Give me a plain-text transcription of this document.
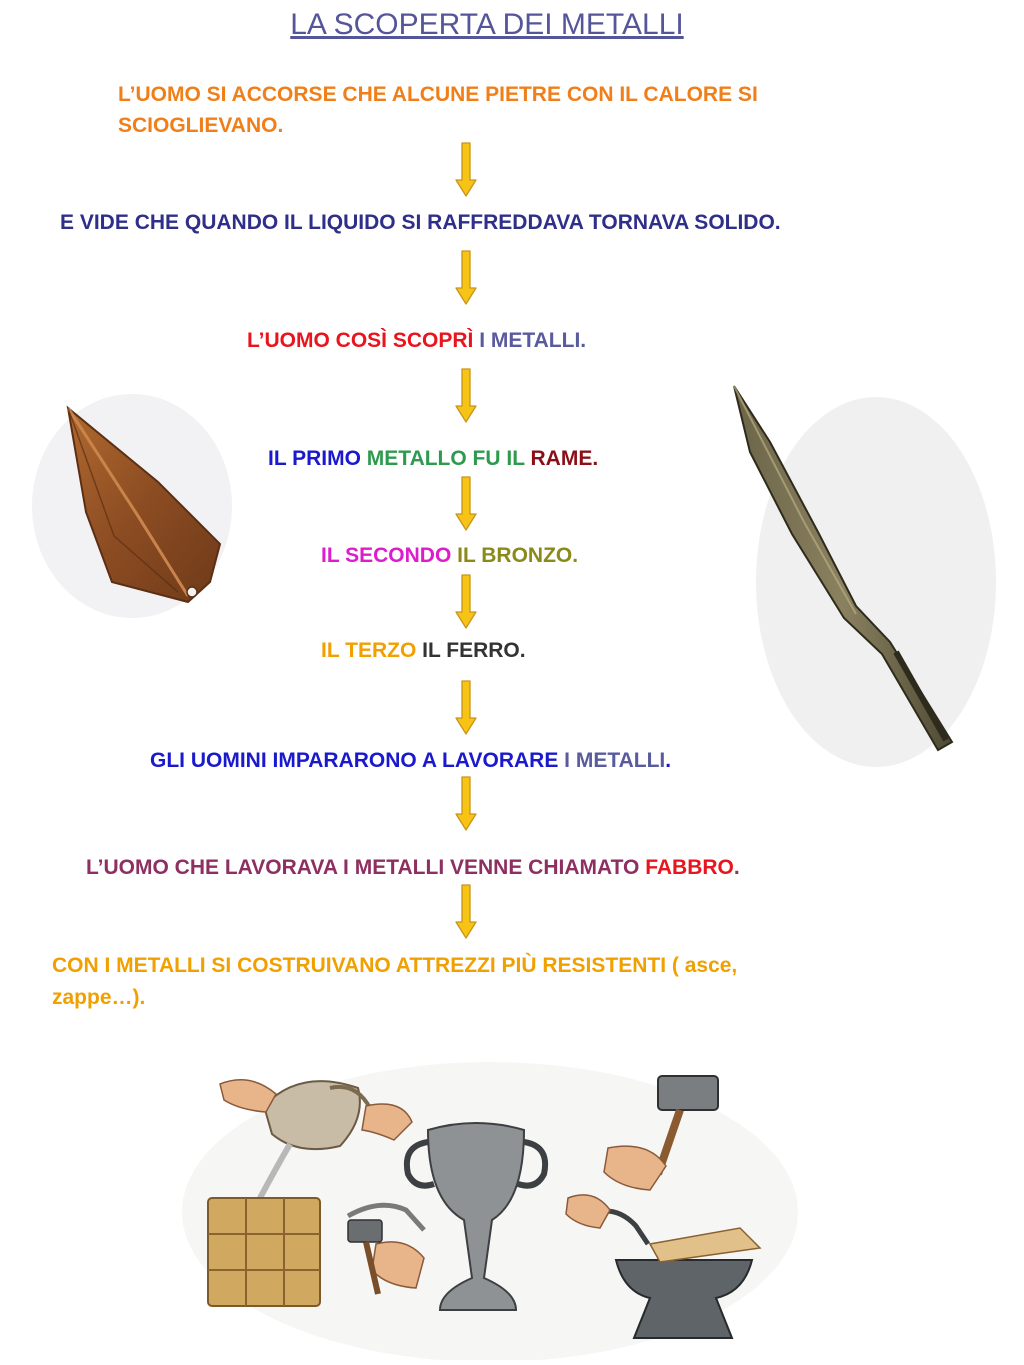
LA SCOPERTA DEI METALLI
L’UOMO SI ACCORSE CHE ALCUNE PIETRE CON IL CALORE SI
SCIOGLIEVANO.
E VIDE CHE QUANDO IL LIQUIDO SI RAFFREDDAVA TORNAVA SOLIDO.
L’UOMO COSÌ SCOPRÌ I METALLI.
IL PRIMO METALLO FU IL RAME.
IL SECONDO IL BRONZO.
IL TERZO IL FERRO.
GLI UOMINI IMPARARONO A LAVORARE I METALLI.
L’UOMO CHE LAVORAVA I METALLI VENNE CHIAMATO FABBRO.
CON I METALLI SI COSTRUIVANO ATTREZZI PIÙ RESISTENTI ( asce,
zappe…).
